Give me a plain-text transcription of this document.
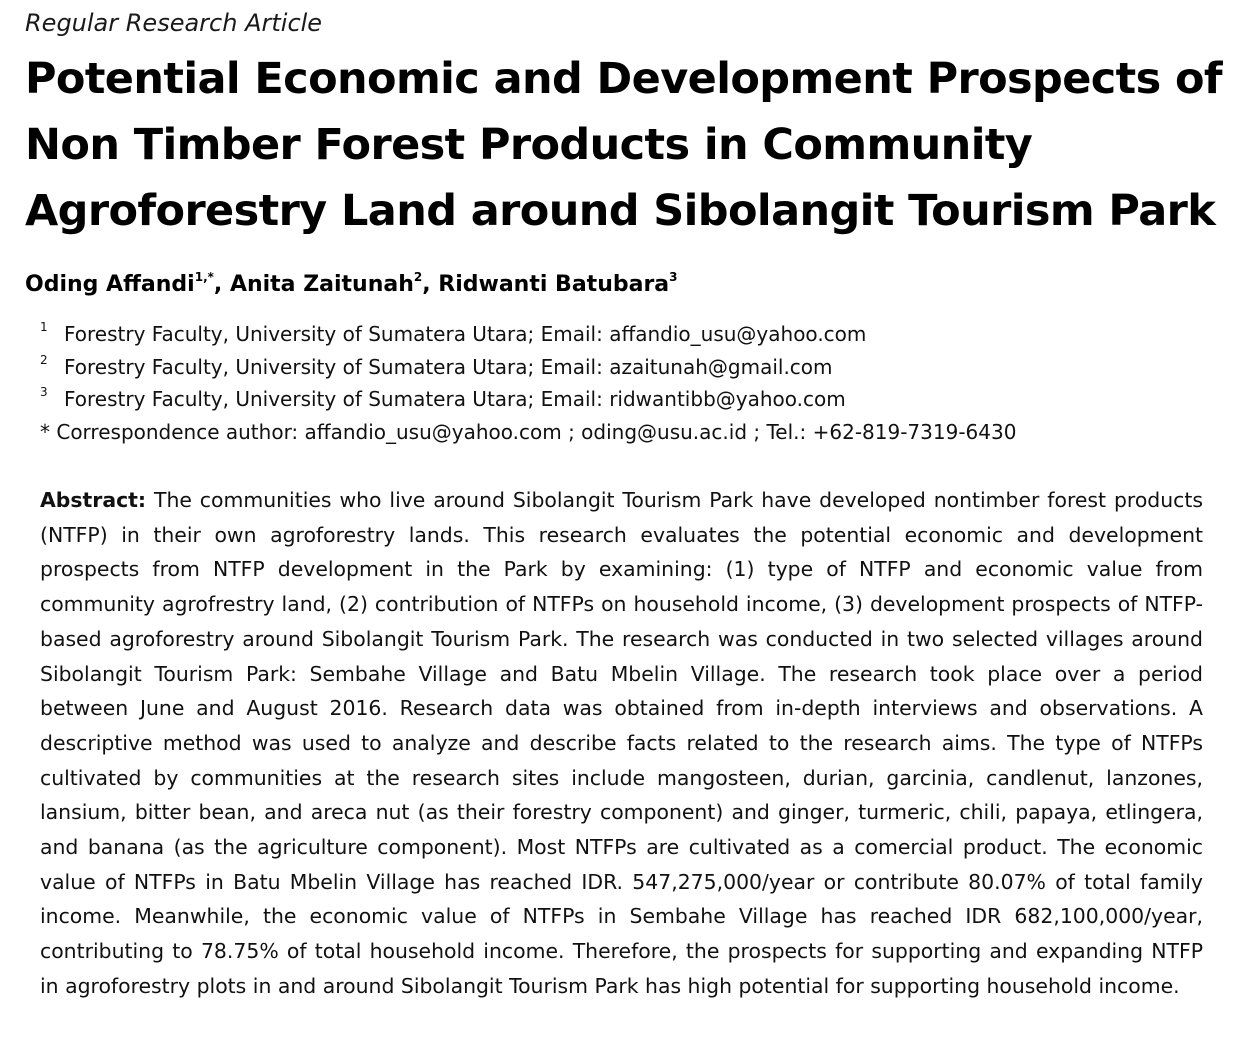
Regular Research Article
Potential Economic and Development Prospects of
Non Timber Forest Products in Community
Agroforestry Land around Sibolangit Tourism Park
Oding Affandi$^{1,*}$, Anita Zaitunah$^2$, Ridwanti Batubara$^3$
1 Forestry Faculty, University of Sumatera Utara; Email: affandio_usu@yahoo.com
2 Forestry Faculty, University of Sumatera Utara; Email: azaitunah@gmail.com
3 Forestry Faculty, University of Sumatera Utara; Email: ridwantibb@yahoo.com
* Correspondence author: affandio_usu@yahoo.com ; oding@usu.ac.id ; Tel.: +62-819-7319-6430

Abstract: The communities who live around Sibolangit Tourism Park have developed nontimber forest products (NTFP) in their own agroforestry lands. This research evaluates the potential economic and development prospects from NTFP development in the Park by examining: (1) type of NTFP and economic value from community agrofrestry land, (2) contribution of NTFPs on household income, (3) development prospects of NTFP-based agroforestry around Sibolangit Tourism Park. The research was conducted in two selected villages around Sibolangit Tourism Park: Sembahe Village and Batu Mbelin Village. The research took place over a period between June and August 2016. Research data was obtained from in-depth interviews and observations. A descriptive method was used to analyze and describe facts related to the research aims. The type of NTFPs cultivated by communities at the research sites include mangosteen, durian, garcinia, candlenut, lanzones, lansium, bitter bean, and areca nut (as their forestry component) and ginger, turmeric, chili, papaya, etlingera, and banana (as the agriculture component). Most NTFPs are cultivated as a comercial product. The economic value of NTFPs in Batu Mbelin Village has reached IDR. 547,275,000/year or contribute 80.07% of total family income. Meanwhile, the economic value of NTFPs in Sembahe Village has reached IDR 682,100,000/year, contributing to 78.75% of total household income. Therefore, the prospects for supporting and expanding NTFP in agroforestry plots in and around Sibolangit Tourism Park has high potential for supporting household income.
